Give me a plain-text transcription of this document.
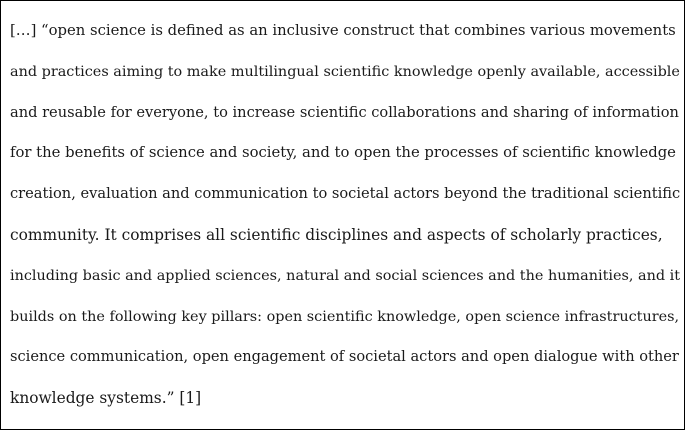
[…] “open science is defined as an inclusive construct that combines various movements
and practices aiming to make multilingual scientific knowledge openly available, accessible
and reusable for everyone, to increase scientific collaborations and sharing of information
for the benefits of science and society, and to open the processes of scientific knowledge
creation, evaluation and communication to societal actors beyond the traditional scientific
community. It comprises all scientific disciplines and aspects of scholarly practices,
including basic and applied sciences, natural and social sciences and the humanities, and it
builds on the following key pillars: open scientific knowledge, open science infrastructures,
science communication, open engagement of societal actors and open dialogue with other
knowledge systems.” [1]
